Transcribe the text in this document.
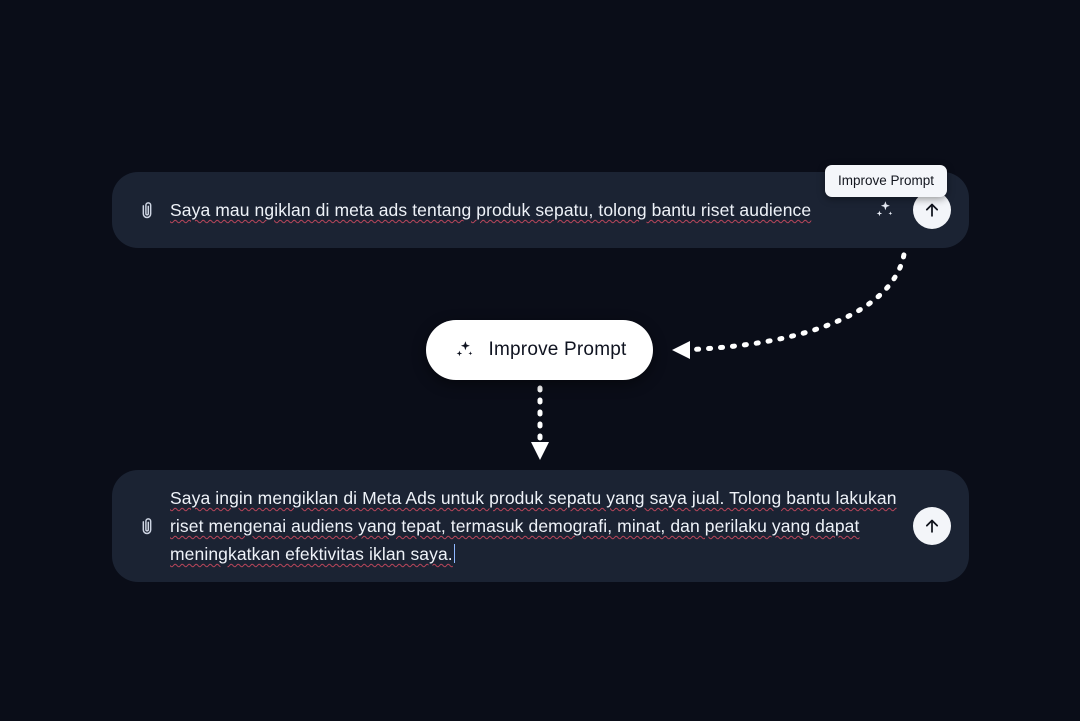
Saya mau ngiklan di meta ads tentang produk sepatu, tolong bantu riset audience
Improve Prompt
Improve Prompt
Saya ingin mengiklan di Meta Ads untuk produk sepatu yang saya jual. Tolong bantu lakukan riset mengenai audiens yang tepat, termasuk demografi, minat, dan perilaku yang dapat meningkatkan efektivitas iklan saya.
